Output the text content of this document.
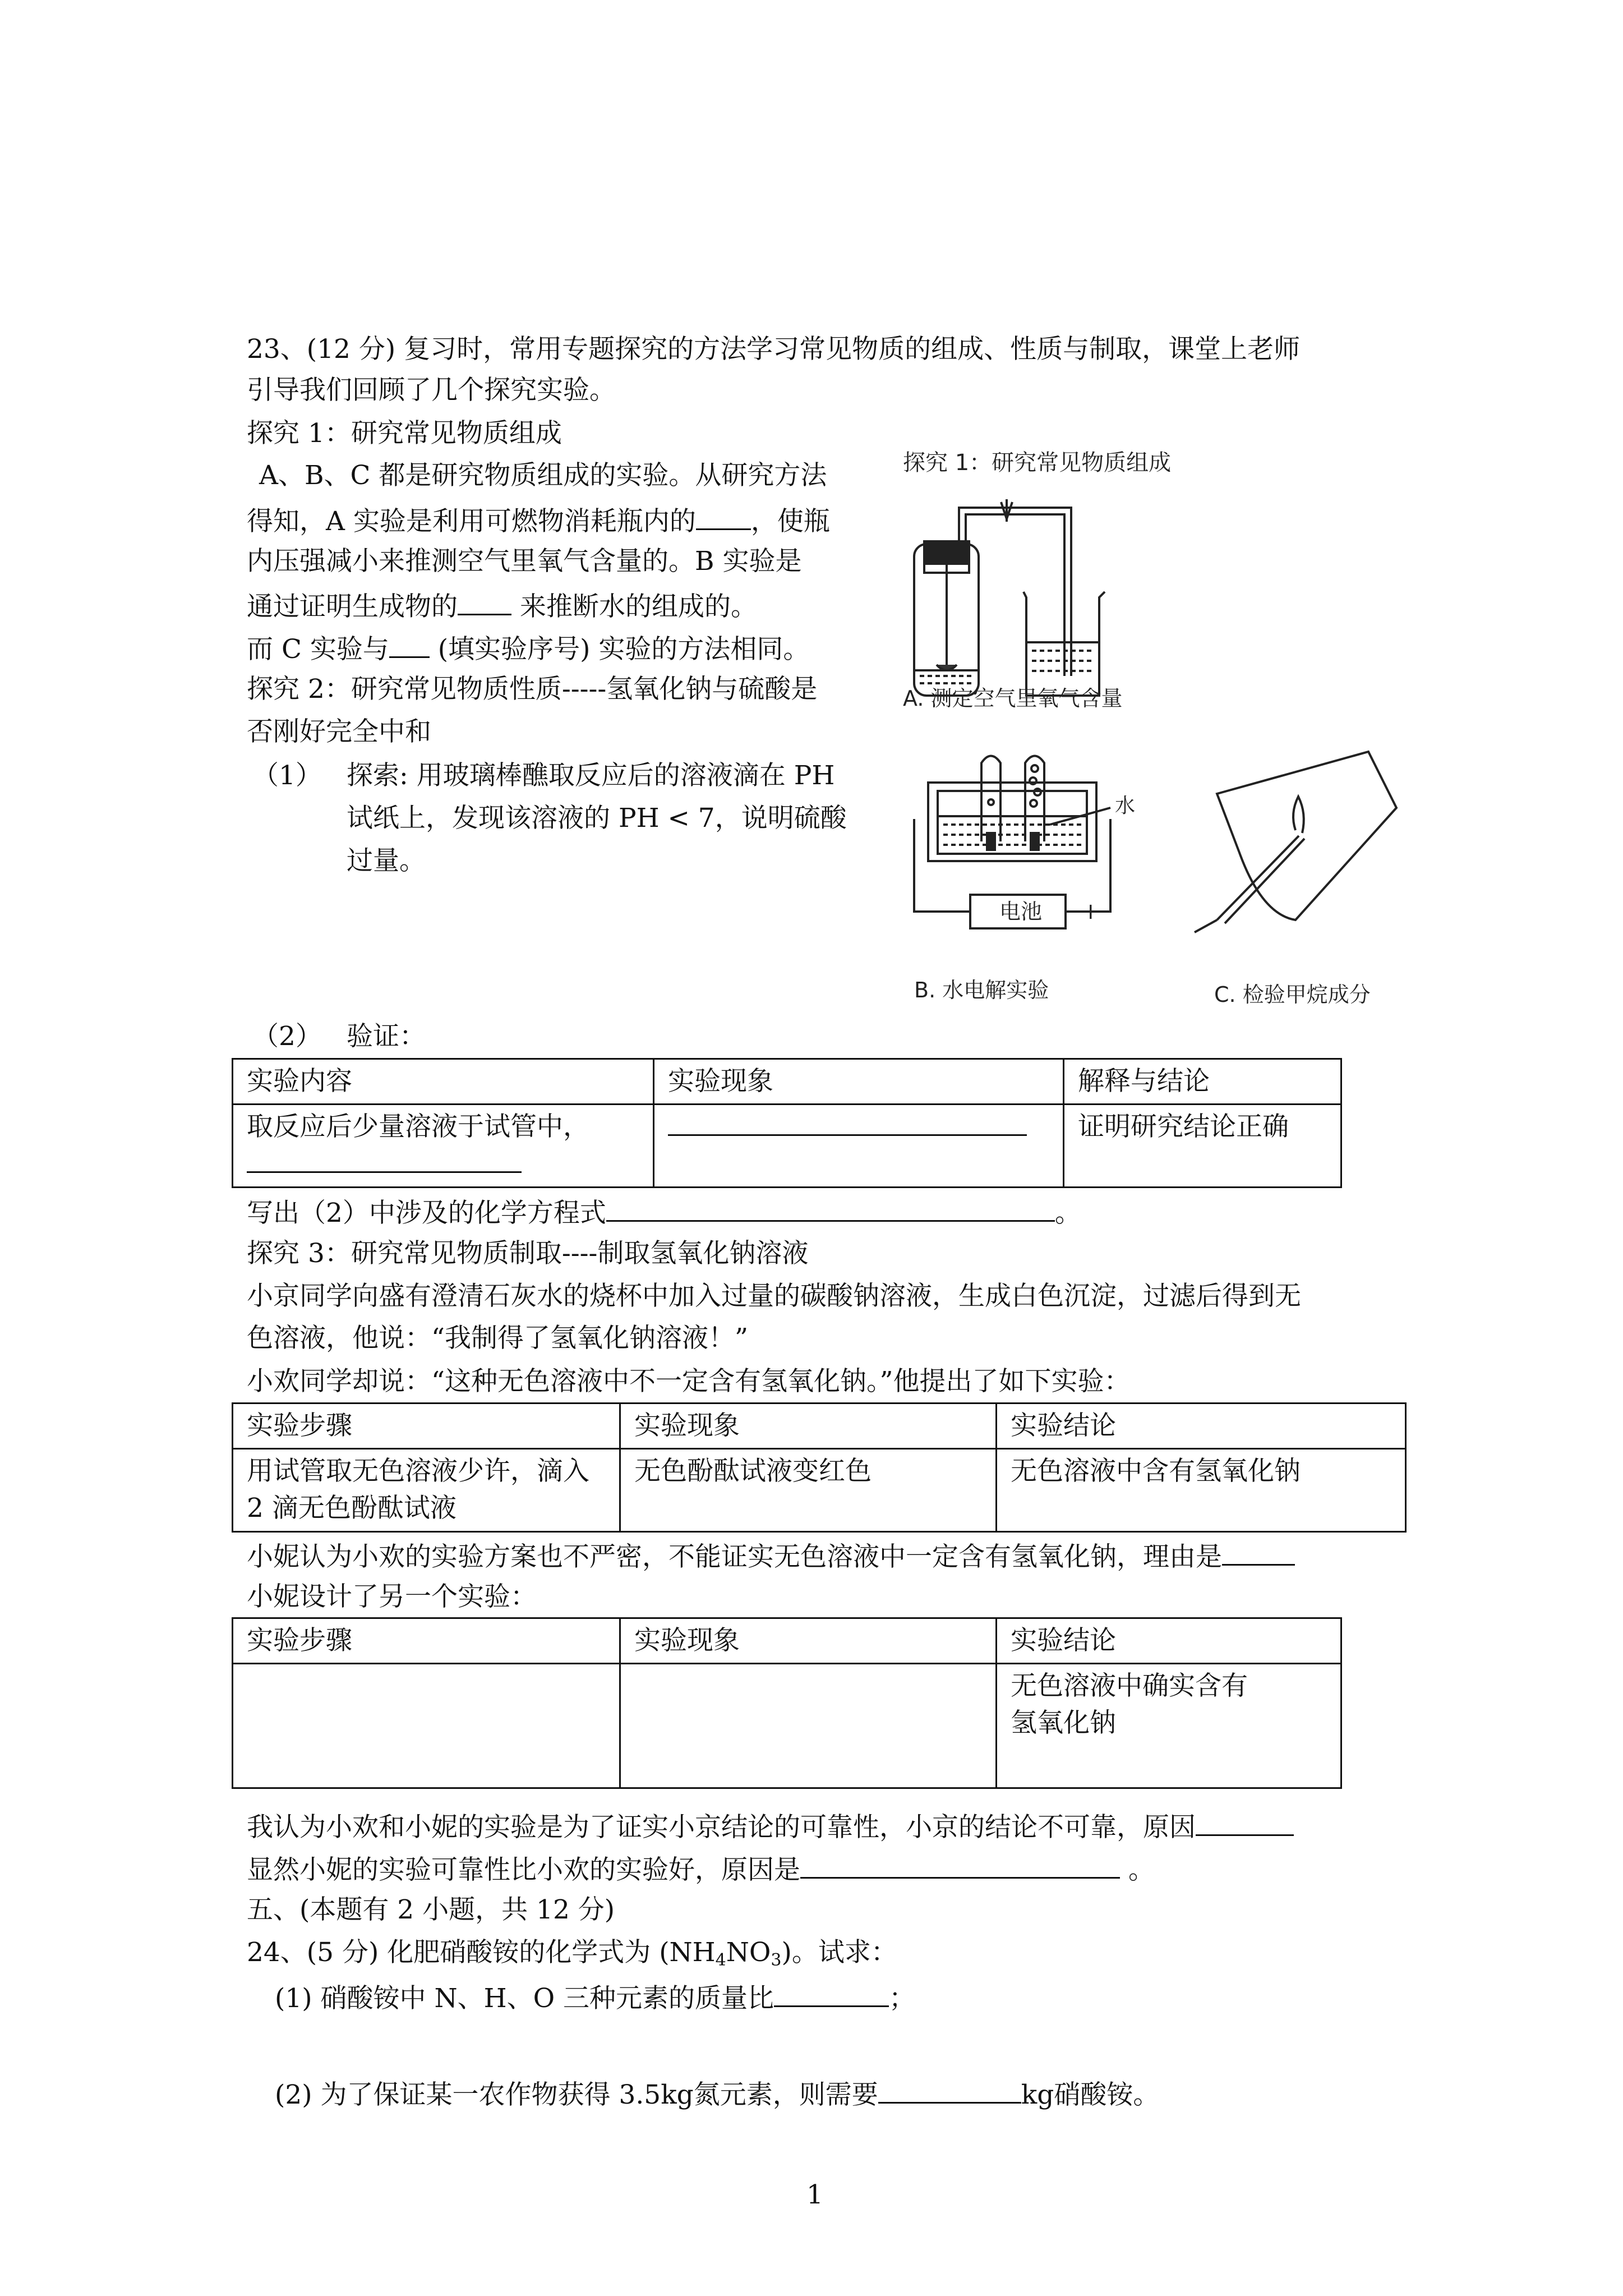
23、(12 分) 复习时，常用专题探究的方法学习常见物质的组成、性质与制取，课堂上老师
引导我们回顾了几个探究实验。
探究 1：研究常见物质组成
A、B、C 都是研究物质组成的实验。从研究方法
得知，A 实验是利用可燃物消耗瓶内的 ，使瓶
内压强减小来推测空气里氧气含量的。B 实验是
通过证明生成物的 来推断水的组成的。
而 C 实验与 (填实验序号) 实验的方法相同。
探究 2：研究常见物质性质-----氢氧化钠与硫酸是
否刚好完全中和
（1） 探索: 用玻璃棒醮取反应后的溶液滴在 PH
试纸上，发现该溶液的 PH < 7，说明硫酸
过量。
探究 1：研究常见物质组成
A. 测定空气里氧气含量
水
− 电池 +
B. 水电解实验	C. 检验甲烷成分
（2） 验证：
实验内容	实验现象	解释与结论

取反应后少量溶液于试管中，		证明研究结论正确
写出（2）中涉及的化学方程式	。
探究 3：研究常见物质制取----制取氢氧化钠溶液
小京同学向盛有澄清石灰水的烧杯中加入过量的碳酸钠溶液，生成白色沉淀，过滤后得到无
色溶液，他说：“我制得了氢氧化钠溶液！”
小欢同学却说：“这种无色溶液中不一定含有氢氧化钠。”他提出了如下实验：
实验步骤	实验现象	实验结论

用试管取无色溶液少许，滴入
2 滴无色酚酞试液	无色酚酞试液变红色	无色溶液中含有氢氧化钠
小妮认为小欢的实验方案也不严密，不能证实无色溶液中一定含有氢氧化钠，理由是
小妮设计了另一个实验：
实验步骤	实验现象	实验结论

		无色溶液中确实含有
氢氧化钠
我认为小欢和小妮的实验是为了证实小京结论的可靠性，小京的结论不可靠，原因
显然小妮的实验可靠性比小欢的实验好，原因是	。
五、(本题有 2 小题，共 12 分)
24、(5 分) 化肥硝酸铵的化学式为 $(NH_4NO_3)$。试求：
(1) 硝酸铵中 N、H、O 三种元素的质量比	；
(2) 为了保证某一农作物获得 3.5kg氮元素，则需要	kg硝酸铵。
1
